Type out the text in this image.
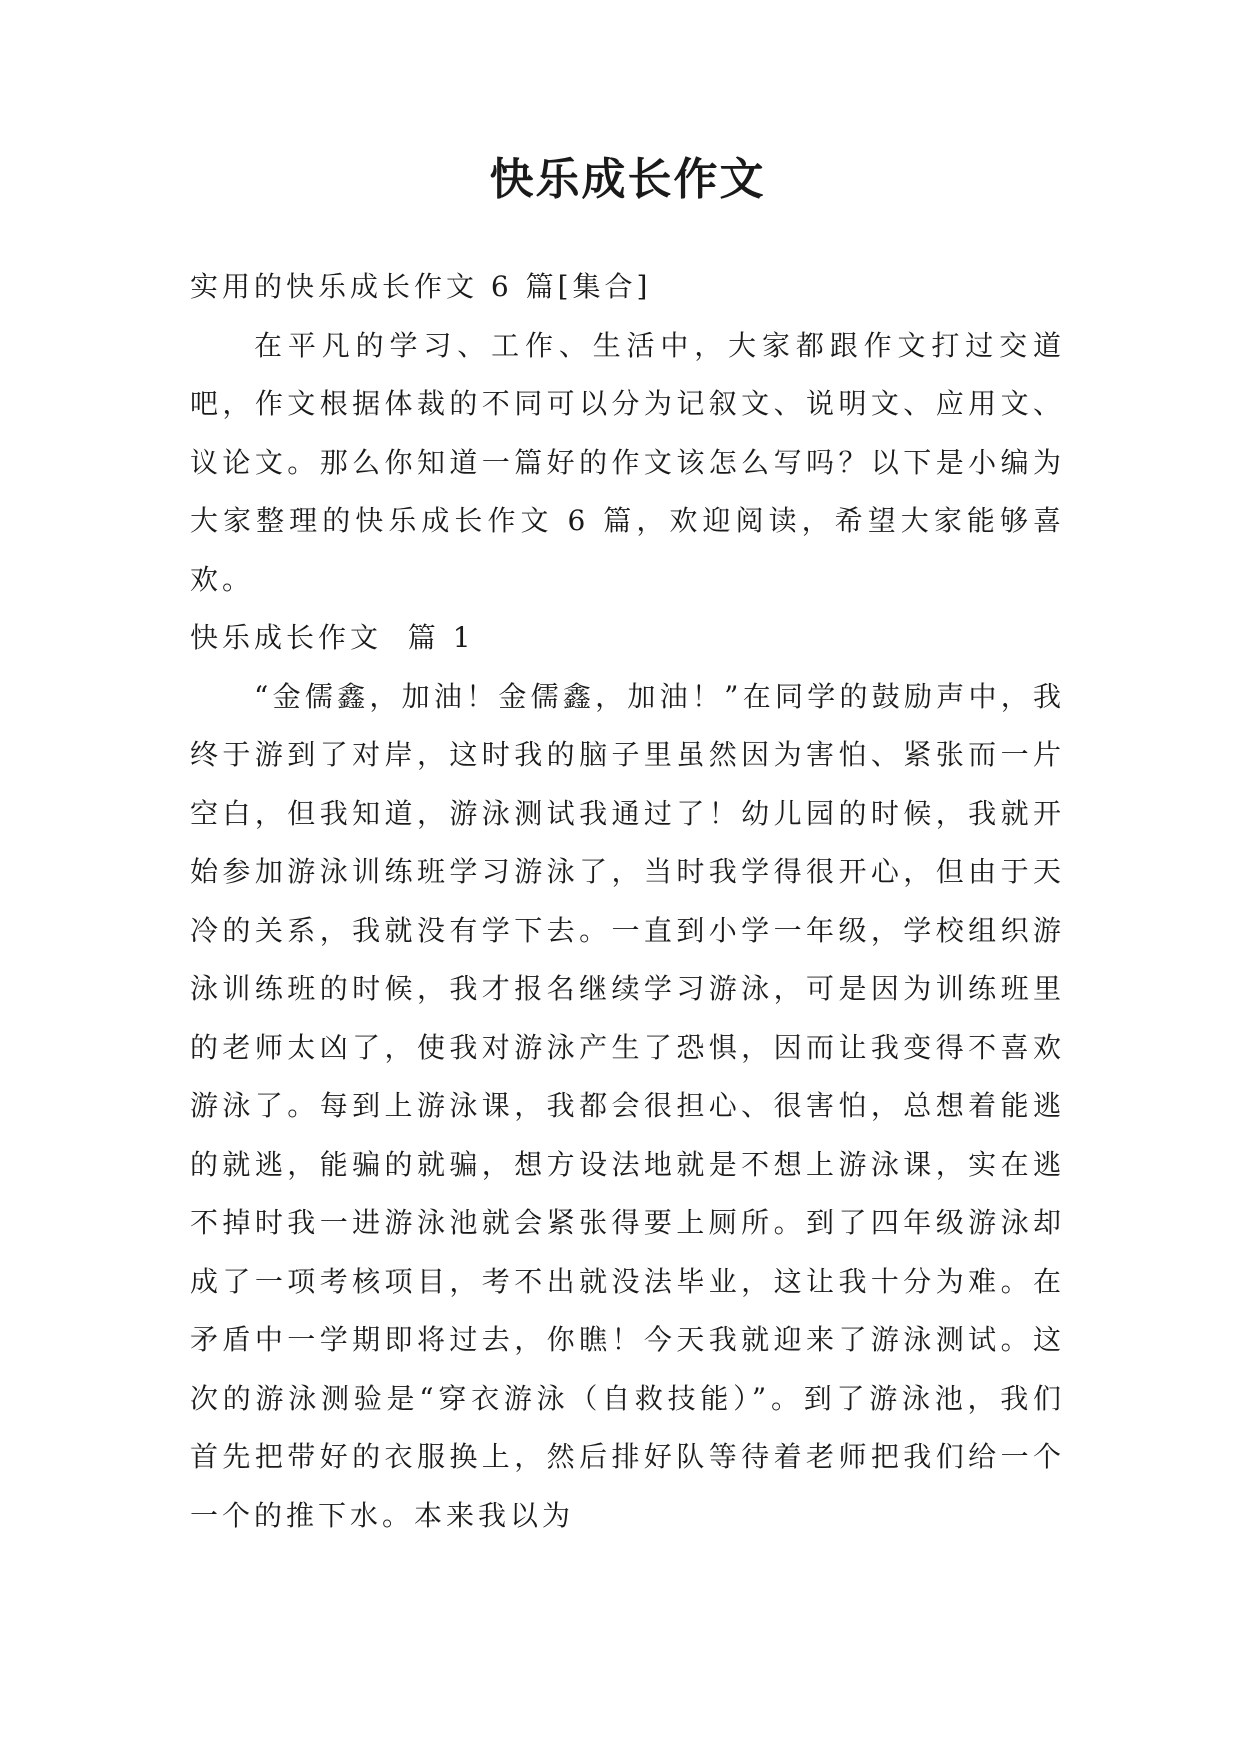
快乐成长作文

实用的快乐成长作文 6 篇[集合]

在平凡的学习、工作、生活中，大家都跟作文打过交道吧，作文根据体裁的不同可以分为记叙文、说明文、应用文、议论文。那么你知道一篇好的作文该怎么写吗？以下是小编为大家整理的快乐成长作文 6 篇，欢迎阅读，希望大家能够喜欢。

快乐成长作文  篇 1

“金儒鑫，加油！金儒鑫，加油！”在同学的鼓励声中，我终于游到了对岸，这时我的脑子里虽然因为害怕、紧张而一片空白，但我知道，游泳测试我通过了！幼儿园的时候，我就开始参加游泳训练班学习游泳了，当时我学得很开心，但由于天冷的关系，我就没有学下去。一直到小学一年级，学校组织游泳训练班的时候，我才报名继续学习游泳，可是因为训练班里的老师太凶了，使我对游泳产生了恐惧，因而让我变得不喜欢游泳了。每到上游泳课，我都会很担心、很害怕，总想着能逃的就逃，能骗的就骗，想方设法地就是不想上游泳课，实在逃不掉时我一进游泳池就会紧张得要上厕所。到了四年级游泳却成了一项考核项目，考不出就没法毕业，这让我十分为难。在矛盾中一学期即将过去，你瞧！今天我就迎来了游泳测试。这次的游泳测验是“穿衣游泳（自救技能）”。到了游泳池，我们首先把带好的衣服换上，然后排好队等待着老师把我们给一个一个的推下水。本来我以为
